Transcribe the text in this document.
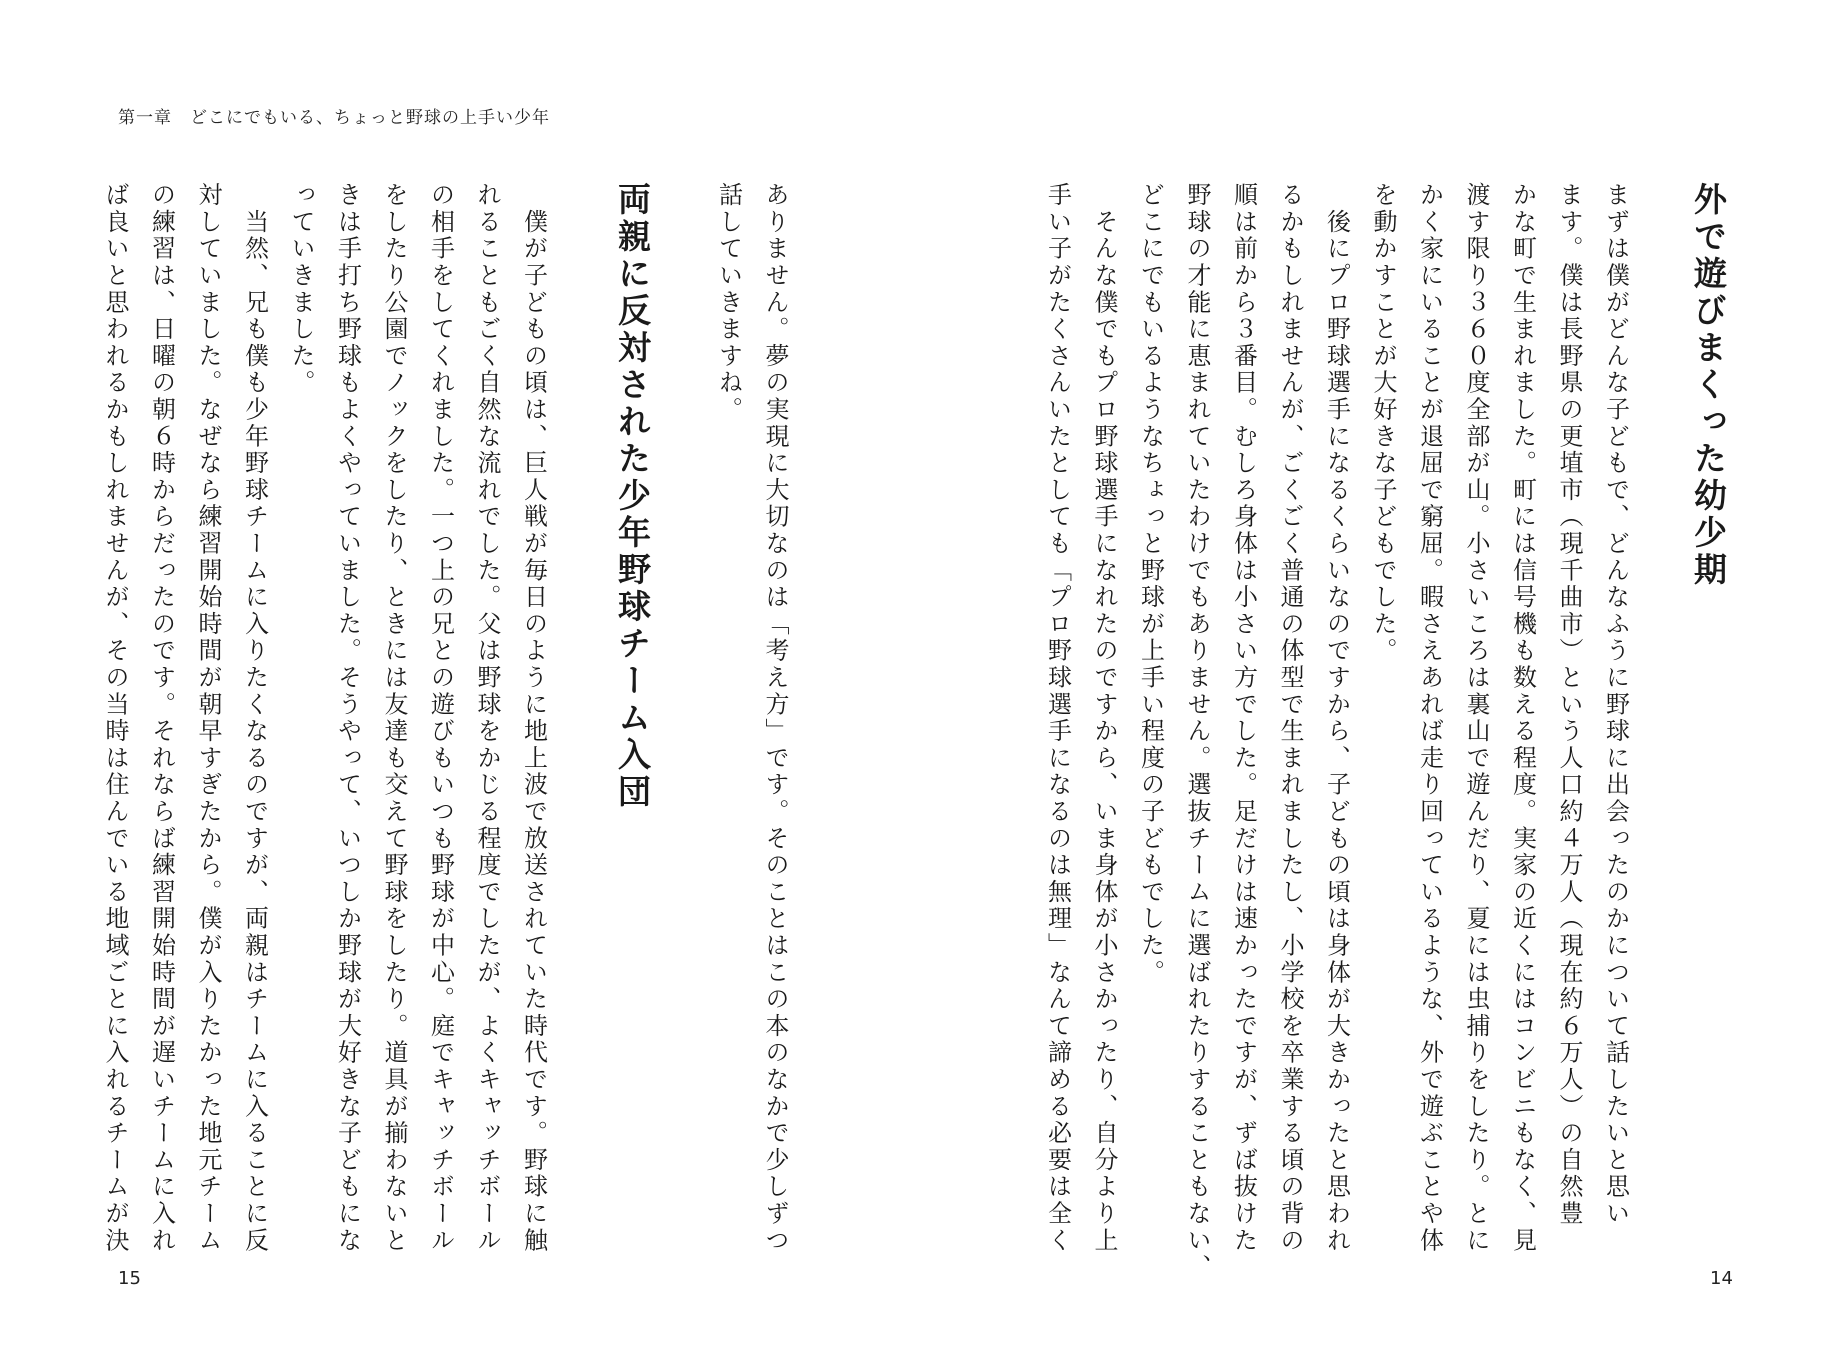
第一章　どこにでもいる、ちょっと野球の上手い少年
外で遊びまくった幼少期
まずは僕がどんな子どもで、どんなふうに野球に出会ったのかについて話したいと思い
ます。僕は長野県の更埴市（現千曲市）という人口約４万人（現在約６万人）の自然豊
かな町で生まれました。町には信号機も数える程度。実家の近くにはコンビニもなく、見
渡す限り３６０度全部が山。小さいころは裏山で遊んだり、夏には虫捕りをしたり。とに
かく家にいることが退屈で窮屈。暇さえあれば走り回っているような、外で遊ぶことや体
を動かすことが大好きな子どもでした。
　後にプロ野球選手になるくらいなのですから、子どもの頃は身体が大きかったと思われ
るかもしれませんが、ごくごく普通の体型で生まれましたし、小学校を卒業する頃の背の
順は前から３番目。むしろ身体は小さい方でした。足だけは速かったですが、ずば抜けた
野球の才能に恵まれていたわけでもありません。選抜チームに選ばれたりすることもない、
どこにでもいるようなちょっと野球が上手い程度の子どもでした。
　そんな僕でもプロ野球選手になれたのですから、いま身体が小さかったり、自分より上
手い子がたくさんいたとしても「プロ野球選手になるのは無理」なんて諦める必要は全く
ありません。夢の実現に大切なのは「考え方」です。そのことはこの本のなかで少しずつ
話していきますね。
両親に反対された少年野球チーム入団
　僕が子どもの頃は、巨人戦が毎日のように地上波で放送されていた時代です。野球に触
れることもごく自然な流れでした。父は野球をかじる程度でしたが、よくキャッチボール
の相手をしてくれました。一つ上の兄との遊びもいつも野球が中心。庭でキャッチボール
をしたり公園でノックをしたり、ときには友達も交えて野球をしたり。道具が揃わないと
きは手打ち野球もよくやっていました。そうやって、いつしか野球が大好きな子どもにな
っていきました。
　当然、兄も僕も少年野球チームに入りたくなるのですが、両親はチームに入ることに反
対していました。なぜなら練習開始時間が朝早すぎたから。僕が入りたかった地元チーム
の練習は、日曜の朝６時からだったのです。それならば練習開始時間が遅いチームに入れ
ば良いと思われるかもしれませんが、その当時は住んでいる地域ごとに入れるチームが決
15	14
